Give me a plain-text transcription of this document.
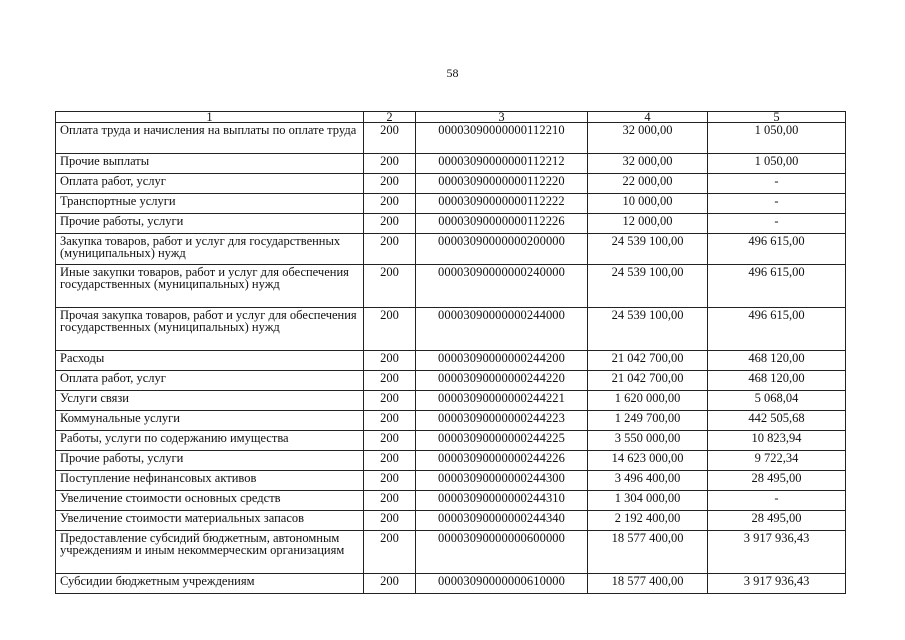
58
1	2	3	4	5
Оплата труда и начисления на выплаты по оплате труда	200	00003090000000112210	32 000,00	1 050,00
Прочие выплаты	200	00003090000000112212	32 000,00	1 050,00
Оплата работ, услуг	200	00003090000000112220	22 000,00	-
Транспортные услуги	200	00003090000000112222	10 000,00	-
Прочие работы, услуги	200	00003090000000112226	12 000,00	-
Закупка товаров, работ и услуг для государственных (муниципальных) нужд	200	00003090000000200000	24 539 100,00	496 615,00
Иные закупки товаров, работ и услуг для обеспечения государственных (муниципальных) нужд	200	00003090000000240000	24 539 100,00	496 615,00
Прочая закупка товаров, работ и услуг для обеспечения государственных (муниципальных) нужд	200	00003090000000244000	24 539 100,00	496 615,00
Расходы	200	00003090000000244200	21 042 700,00	468 120,00
Оплата работ, услуг	200	00003090000000244220	21 042 700,00	468 120,00
Услуги связи	200	00003090000000244221	1 620 000,00	5 068,04
Коммунальные услуги	200	00003090000000244223	1 249 700,00	442 505,68
Работы, услуги по содержанию имущества	200	00003090000000244225	3 550 000,00	10 823,94
Прочие работы, услуги	200	00003090000000244226	14 623 000,00	9 722,34
Поступление нефинансовых активов	200	00003090000000244300	3 496 400,00	28 495,00
Увеличение стоимости основных средств	200	00003090000000244310	1 304 000,00	-
Увеличение стоимости материальных запасов	200	00003090000000244340	2 192 400,00	28 495,00
Предоставление субсидий бюджетным, автономным учреждениям и иным некоммерческим организациям	200	00003090000000600000	18 577 400,00	3 917 936,43
Субсидии бюджетным учреждениям	200	00003090000000610000	18 577 400,00	3 917 936,43
